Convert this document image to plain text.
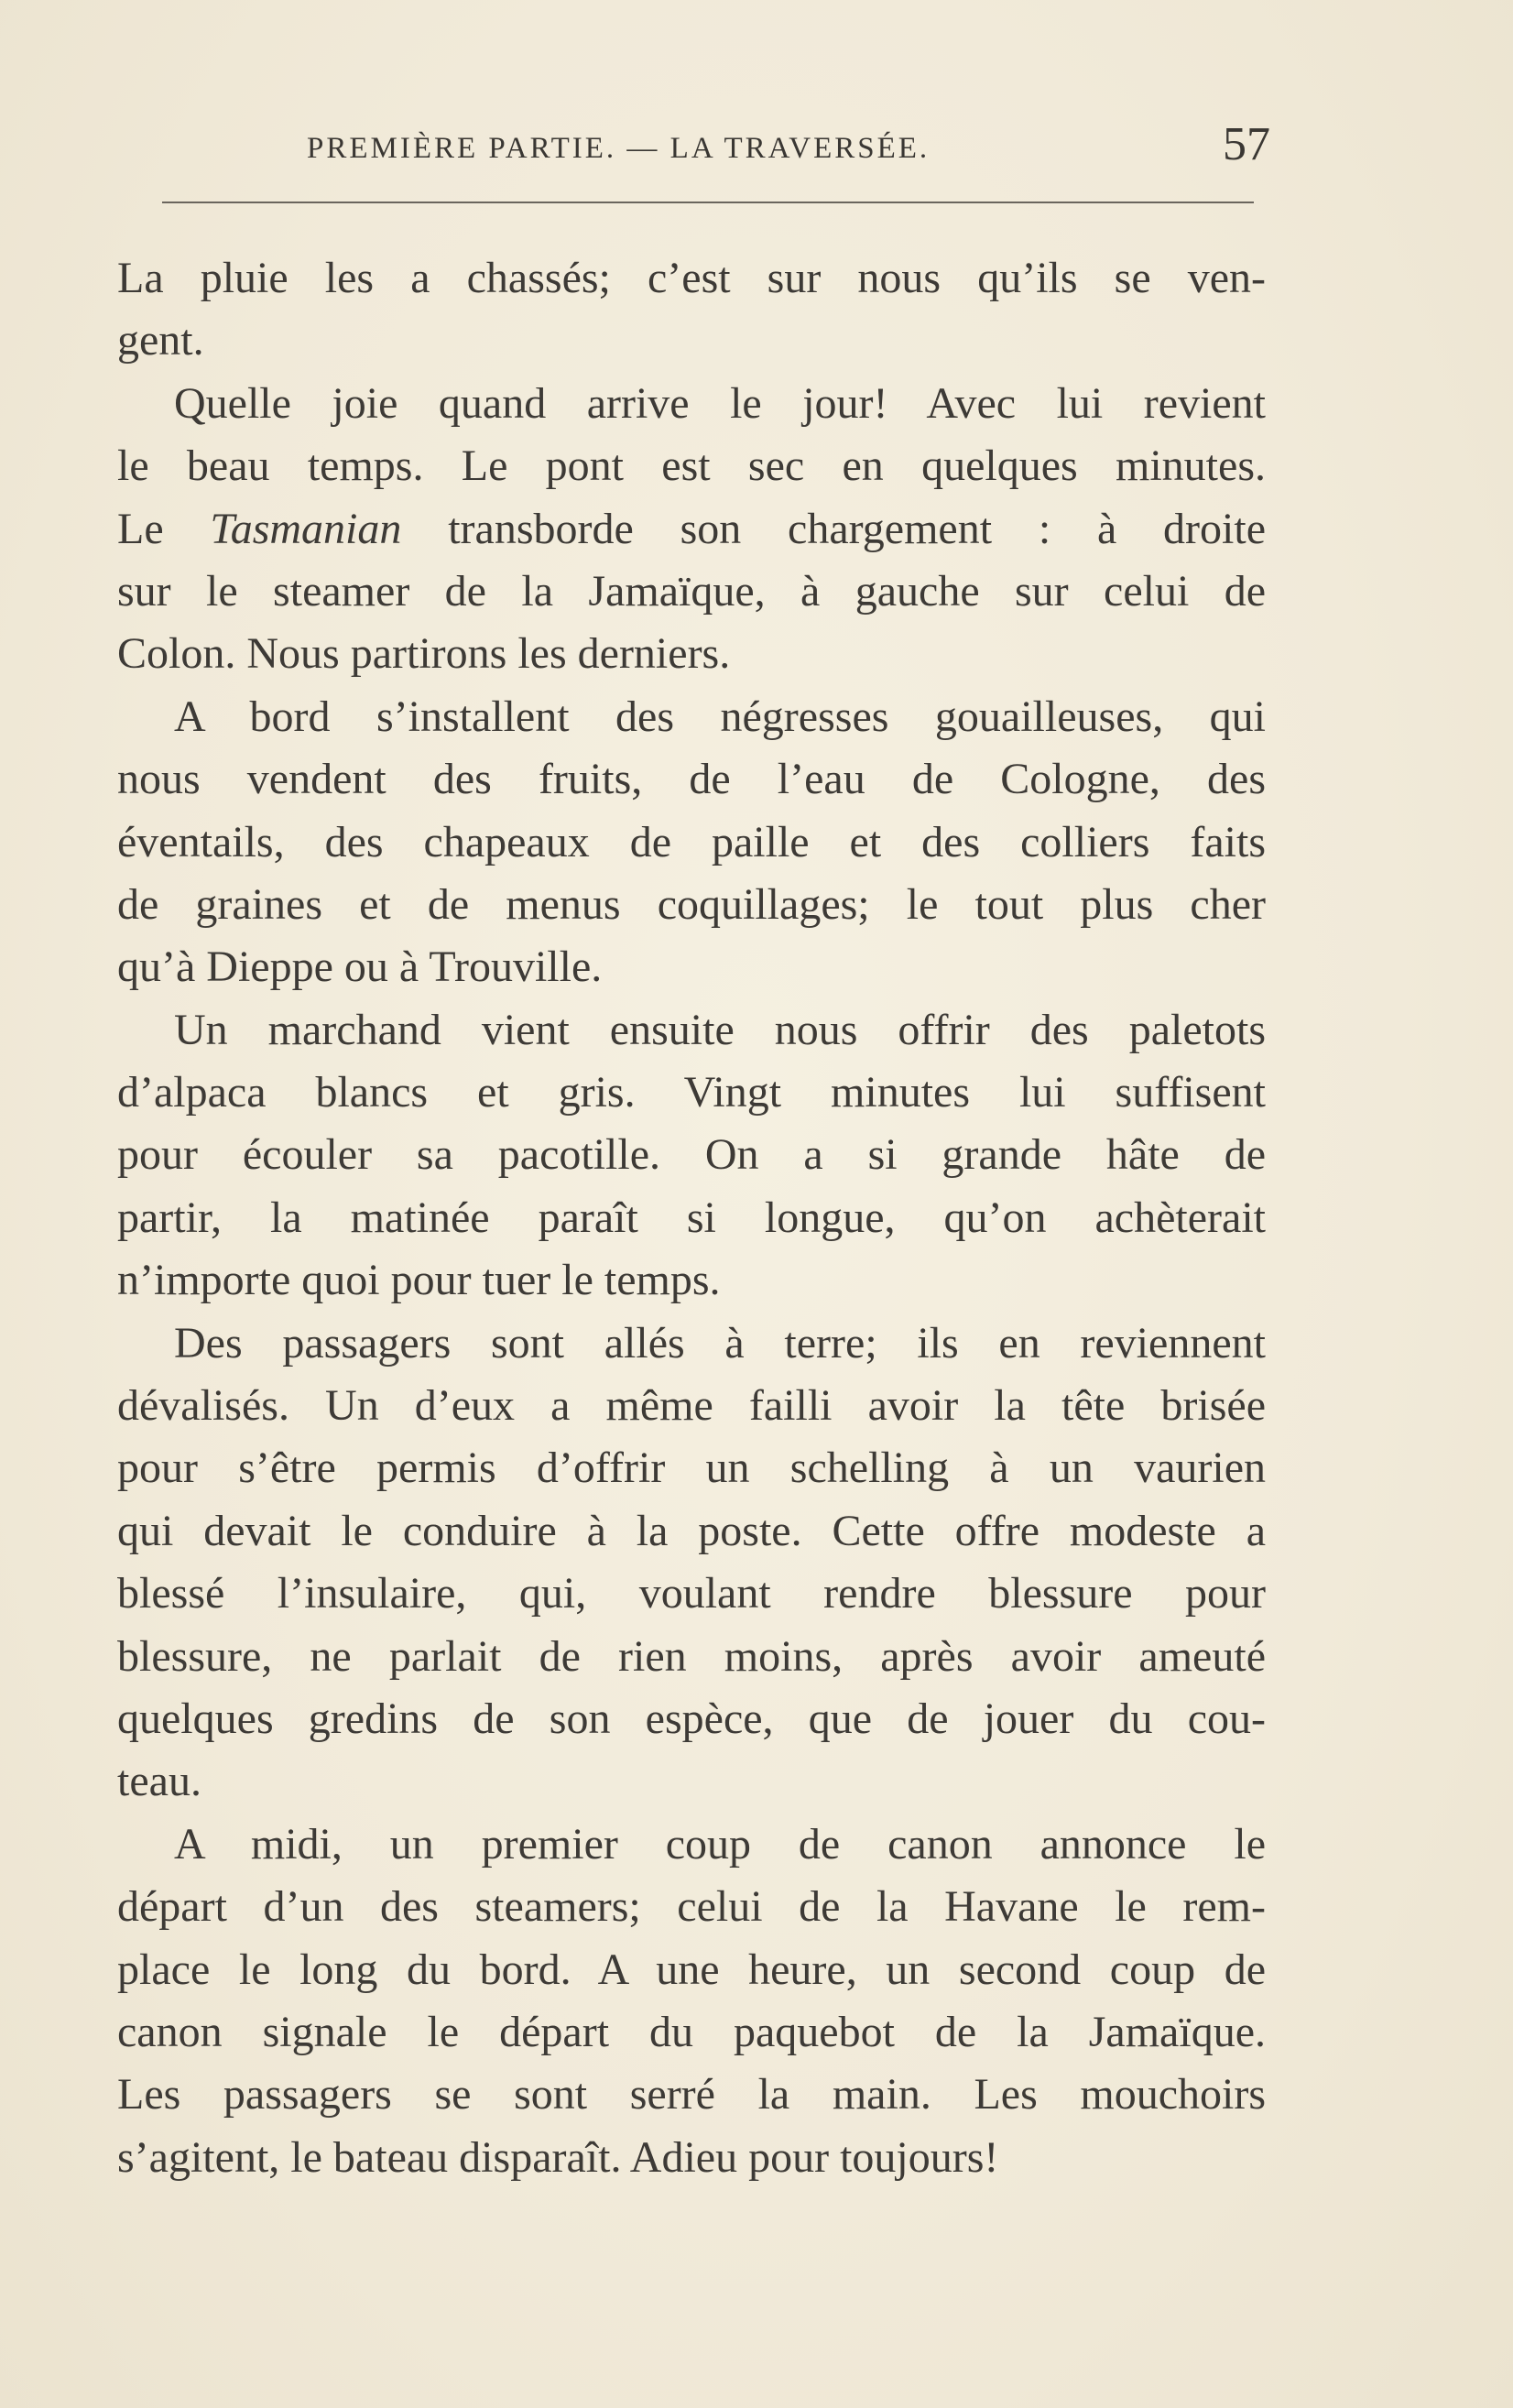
PREMIÈRE PARTIE. — LA TRAVERSÉE.	57
La pluie les a chassés; c’est sur nous qu’ils se ven-
gent.
Quelle joie quand arrive le jour! Avec lui revient
le beau temps. Le pont est sec en quelques minutes.
Le Tasmanian transborde son chargement : à droite
sur le steamer de la Jamaïque, à gauche sur celui de
Colon. Nous partirons les derniers.
A bord s’installent des négresses gouailleuses, qui
nous vendent des fruits, de l’eau de Cologne, des
éventails, des chapeaux de paille et des colliers faits
de graines et de menus coquillages; le tout plus cher
qu’à Dieppe ou à Trouville.
Un marchand vient ensuite nous offrir des paletots
d’alpaca blancs et gris. Vingt minutes lui suffisent
pour écouler sa pacotille. On a si grande hâte de
partir, la matinée paraît si longue, qu’on achèterait
n’importe quoi pour tuer le temps.
Des passagers sont allés à terre; ils en reviennent
dévalisés. Un d’eux a même failli avoir la tête brisée
pour s’être permis d’offrir un schelling à un vaurien
qui devait le conduire à la poste. Cette offre modeste a
blessé l’insulaire, qui, voulant rendre blessure pour
blessure, ne parlait de rien moins, après avoir ameuté
quelques gredins de son espèce, que de jouer du cou-
teau.
A midi, un premier coup de canon annonce le
départ d’un des steamers; celui de la Havane le rem-
place le long du bord. A une heure, un second coup de
canon signale le départ du paquebot de la Jamaïque.
Les passagers se sont serré la main. Les mouchoirs
s’agitent, le bateau disparaît. Adieu pour toujours!
